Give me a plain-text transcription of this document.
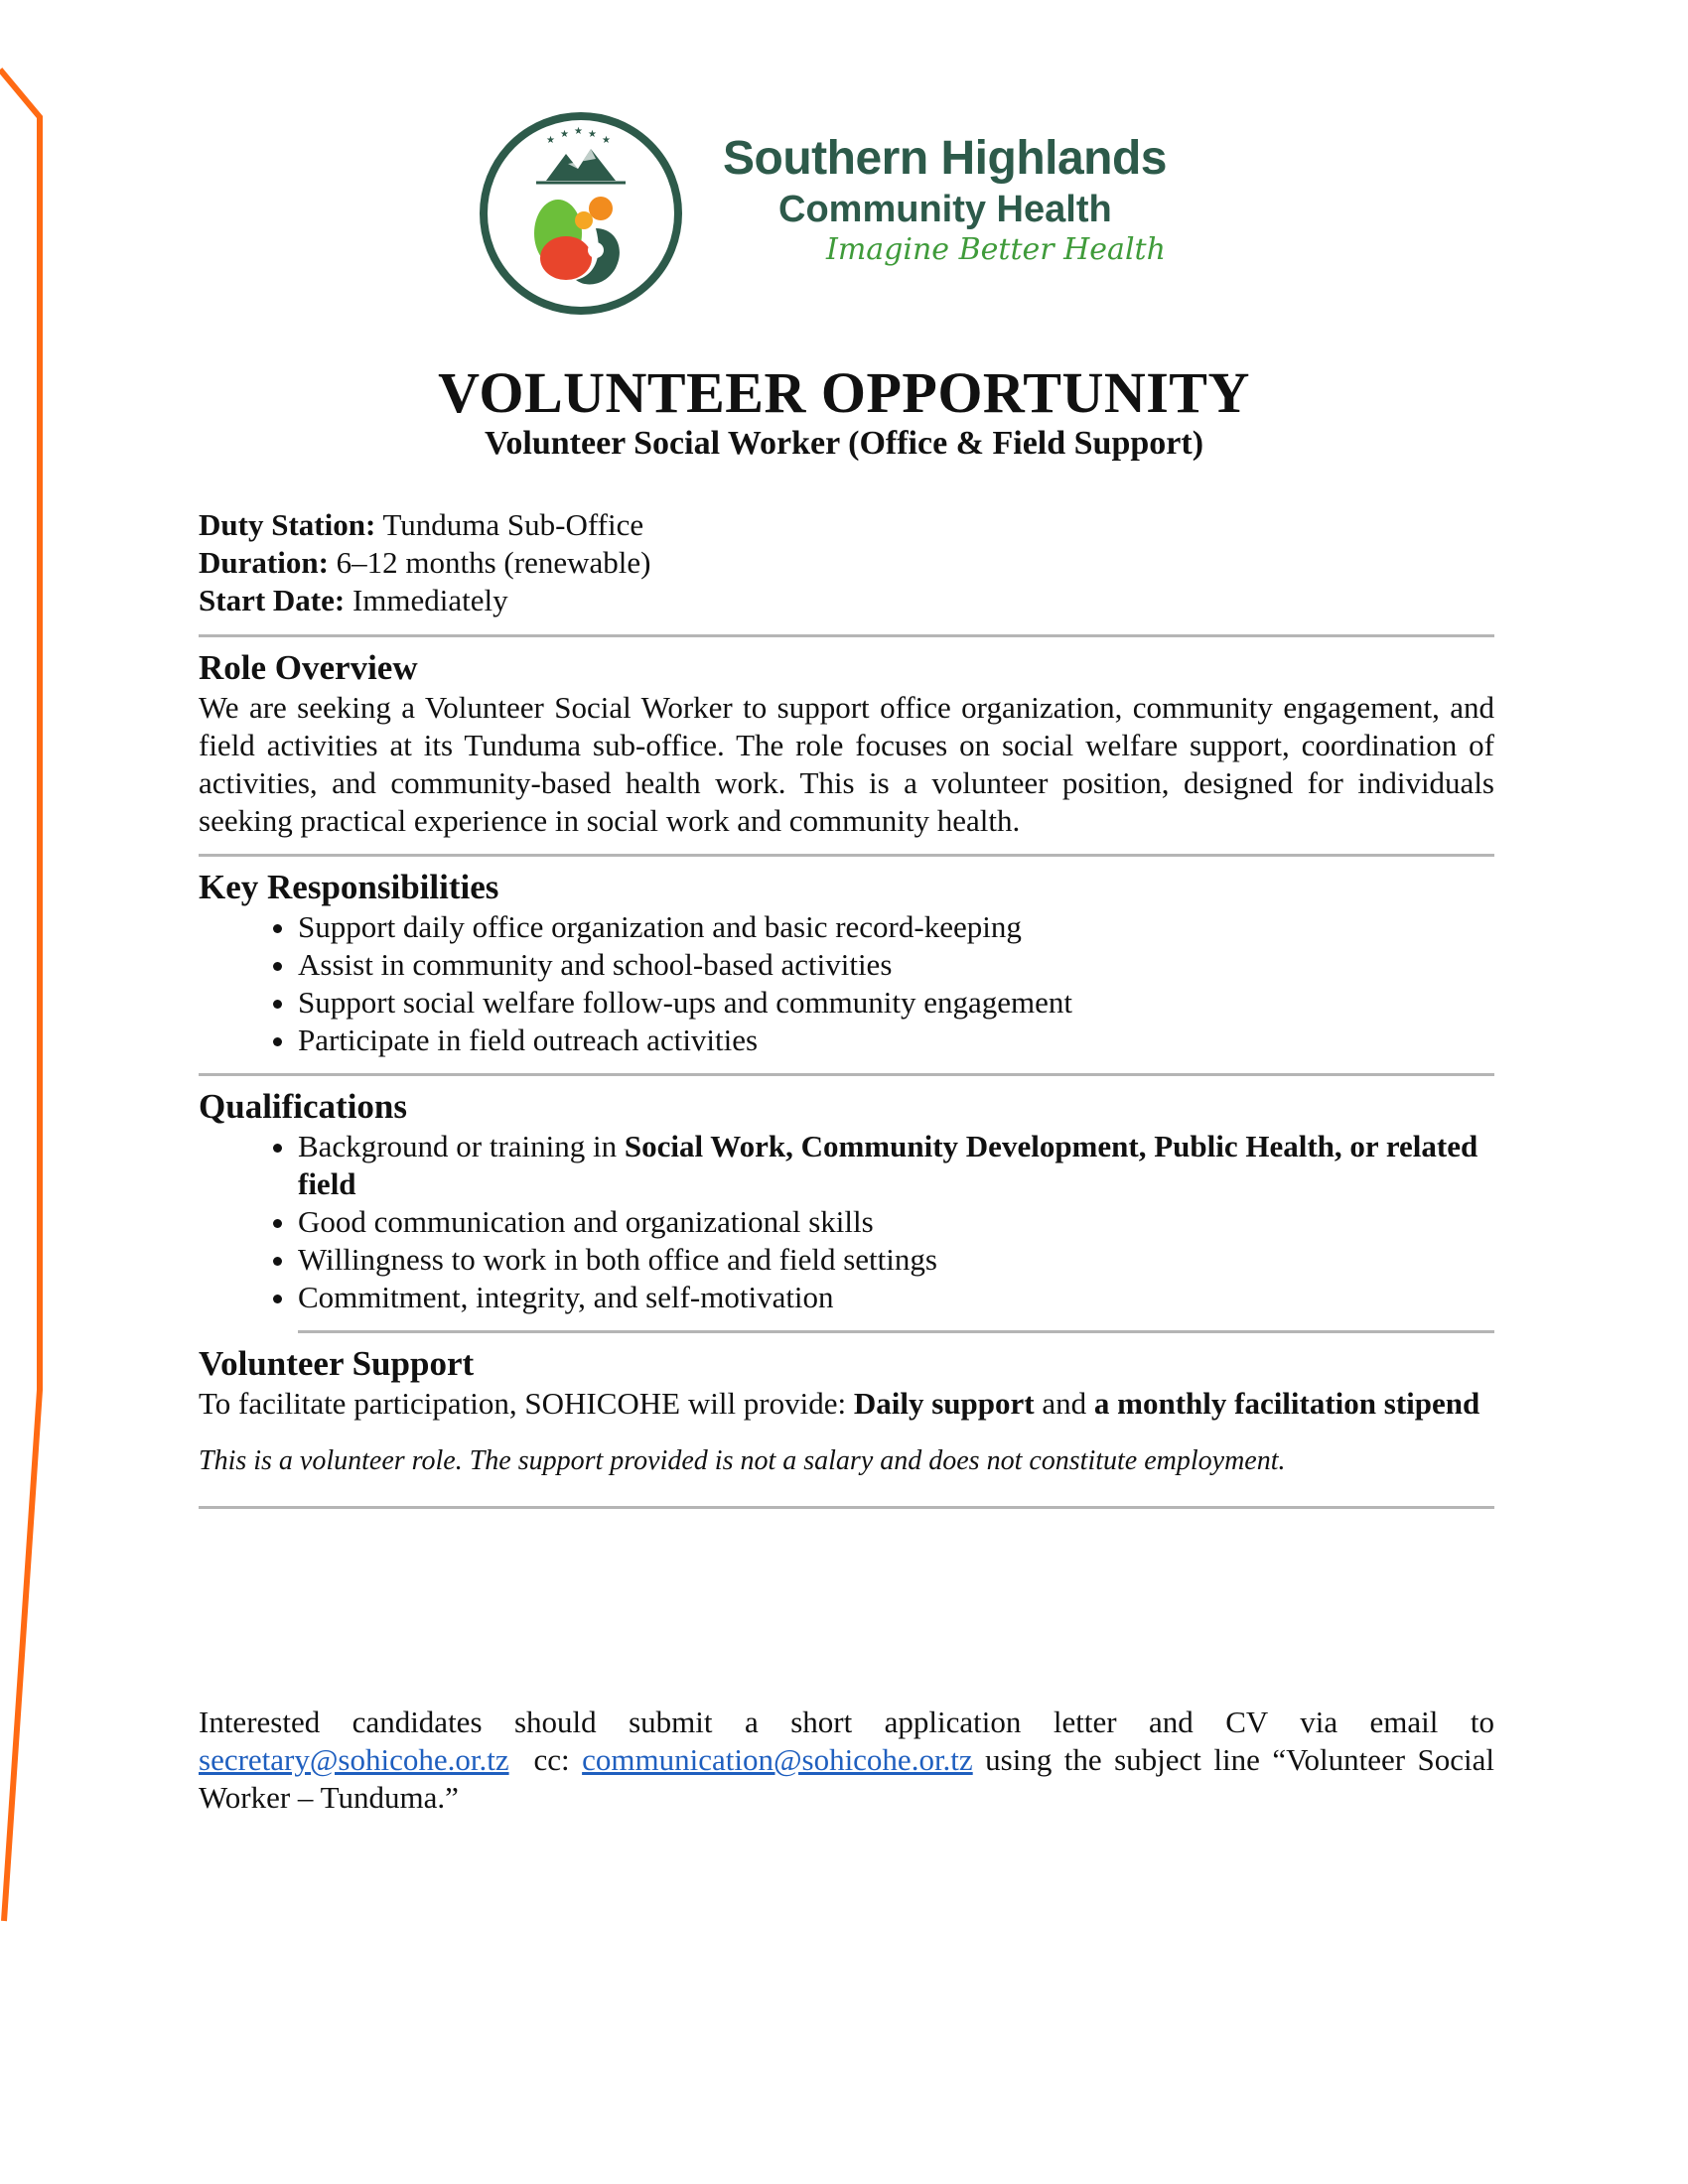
★
★ ★ ★
★ Southern Highlands
Community Health
Imagine Better Health
VOLUNTEER OPPORTUNITY
Volunteer Social Worker (Office & Field Support)
Duty Station: Tunduma Sub-Office
Duration: 6–12 months (renewable)
Start Date: Immediately
Role Overview
We are seeking a Volunteer Social Worker to support office organization, community engagement, and field activities at its Tunduma sub-office. The role focuses on social welfare support, coordination of activities, and community-based health work. This is a volunteer position, designed for individuals seeking practical experience in social work and community health.
Key Responsibilities
• Support daily office organization and basic record-keeping
• Assist in community and school-based activities
• Support social welfare follow-ups and community engagement
• Participate in field outreach activities
Qualifications
• Background or training in Social Work, Community Development, Public Health, or related field
• Good communication and organizational skills
• Willingness to work in both office and field settings
• Commitment, integrity, and self-motivation
Volunteer Support
To facilitate participation, SOHICOHE will provide: Daily support and a monthly facilitation stipend
This is a volunteer role. The support provided is not a salary and does not constitute employment.
Interested candidates should submit a short application letter and CV via email to secretary@sohicohe.or.tz  cc: communication@sohicohe.or.tz using the subject line “Volunteer Social Worker – Tunduma.”
